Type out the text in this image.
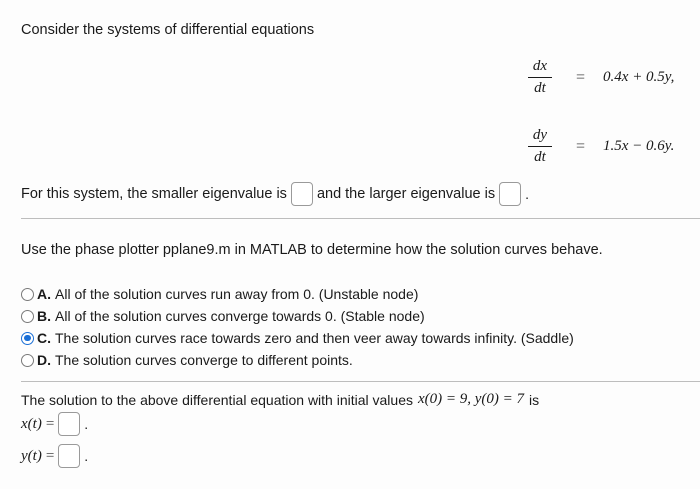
Consider the systems of differential equations
$\frac{dx}{dt} = 0.4x + 0.5y$,
$\frac{dy}{dt} = 1.5x - 0.6y$.
For this system, the smaller eigenvalue is and the larger eigenvalue is .
Use the phase plotter pplane9.m in MATLAB to determine how the solution curves behave.
A. All of the solution curves run away from 0. (Unstable node)
B. All of the solution curves converge towards 0. (Stable node)
C. The solution curves race towards zero and then veer away towards infinity. (Saddle)
D. The solution curves converge to different points.
The solution to the above differential equation with initial values x(0) = 9, y(0) = 7 is
x(t) = .
y(t) = .
